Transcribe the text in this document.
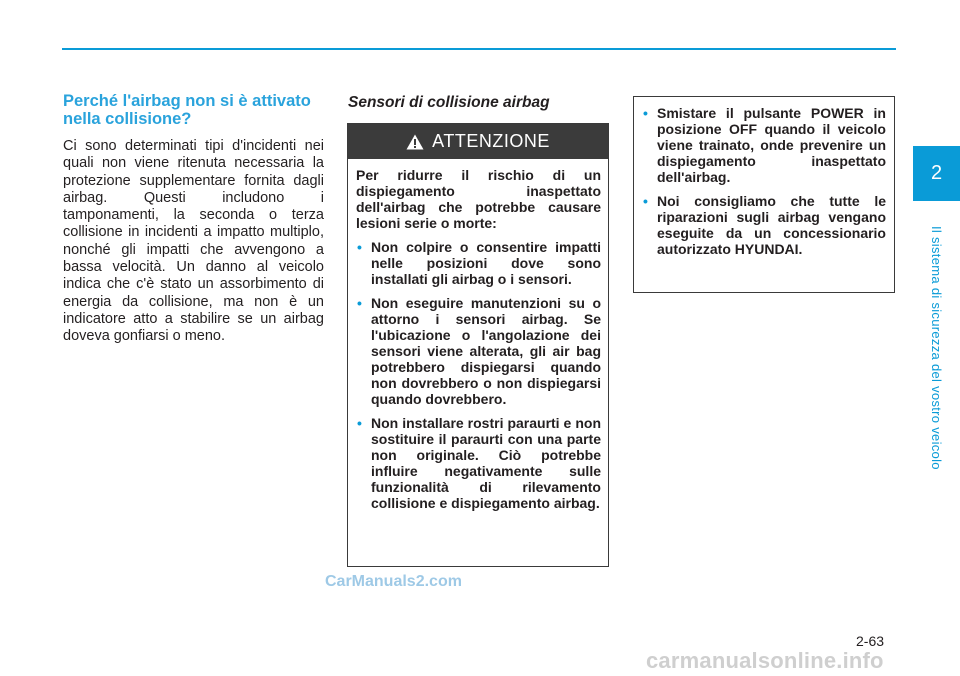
2
Il sistema di sicurezza del vostro veicolo
Perché l'airbag non si è attivato nella collisione?

Ci sono determinati tipi d'incidenti nei quali non viene ritenuta necessaria la protezione supplementare fornita dagli airbag. Questi includono i tamponamenti, la seconda o terza collisione in incidenti a impatto multiplo, nonché gli impatti che avvengono a bassa velocità. Un danno al veicolo indica che c'è stato un assorbimento di energia da collisione, ma non è un indicatore atto a stabilire se un airbag doveva gonfiarsi o meno.

Sensori di collisione airbag
ATTENZIONE

Per ridurre il rischio di un dispiegamento inaspettato dell'airbag che potrebbe causare lesioni serie o morte:

• Non colpire o consentire impatti nelle posizioni dove sono installati gli airbag o i sensori.
• Non eseguire manutenzioni su o attorno i sensori airbag. Se l'ubicazione o l'angolazione dei sensori viene alterata, gli air bag potrebbero dispiegarsi quando non dovrebbero o non dispiegarsi quando dovrebbero.
• Non installare rostri paraurti e non sostituire il paraurti con una parte non originale. Ciò potrebbe influire negativamente sulle funzionalità di rilevamento collisione e dispiegamento airbag.
• Smistare il pulsante POWER in posizione OFF quando il veicolo viene trainato, onde prevenire un dispiegamento inaspettato dell'airbag.
• Noi consigliamo che tutte le riparazioni sugli airbag vengano eseguite da un concessionario autorizzato HYUNDAI.
CarManuals2.com
2-63
carmanualsonline.info
